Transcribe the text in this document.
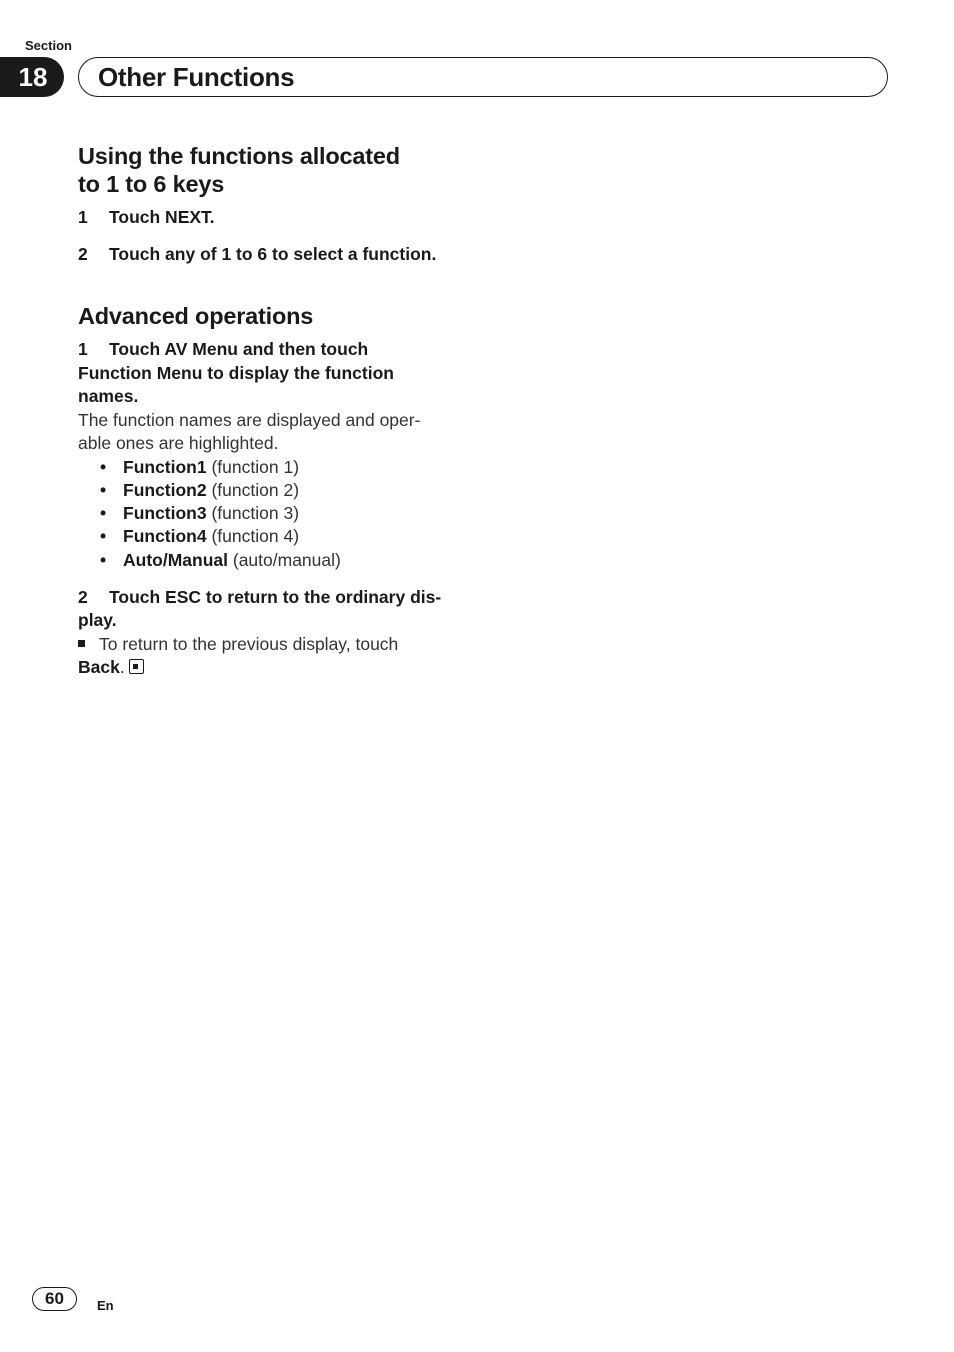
Section
18	Other Functions
Using the functions allocated
to 1 to 6 keys

1 Touch NEXT.

2 Touch any of 1 to 6 to select a function.

Advanced operations

1 Touch AV Menu and then touch
Function Menu to display the function
names.

The function names are displayed and oper-
able ones are highlighted.

• Function1 (function 1)
• Function2 (function 2)
• Function3 (function 3)
• Function4 (function 4)
• Auto/Manual (auto/manual)

2 Touch ESC to return to the ordinary dis-
play.

To return to the previous display, touch
Back.

60	En
